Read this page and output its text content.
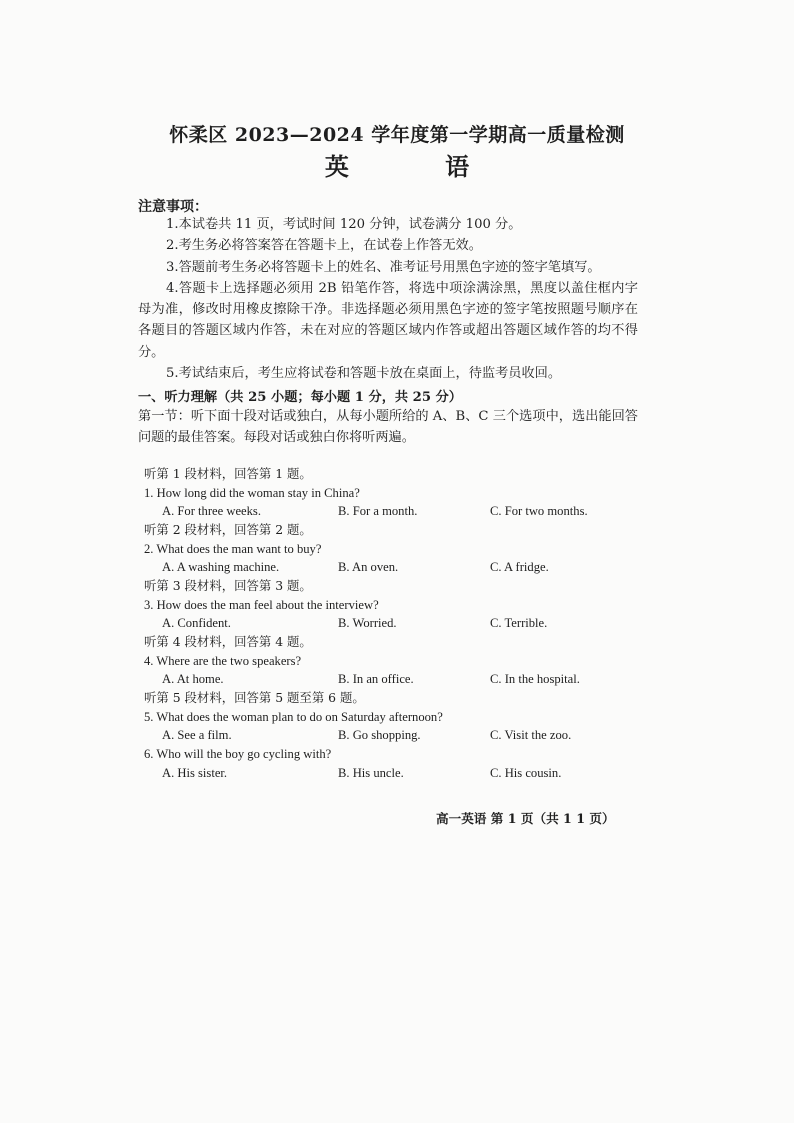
怀柔区 2023—2024 学年度第一学期高一质量检测
英 语
注意事项：

1.本试卷共 11 页，考试时间 120 分钟，试卷满分 100 分。

2.考生务必将答案答在答题卡上，在试卷上作答无效。

3.答题前考生务必将答题卡上的姓名、准考证号用黑色字迹的签字笔填写。

4.答题卡上选择题必须用 2B 铅笔作答，将选中项涂满涂黑，黑度以盖住框内字母为准，修改时用橡皮擦除干净。非选择题必须用黑色字迹的签字笔按照题号顺序在各题目的答题区域内作答，未在对应的答题区域内作答或超出答题区域作答的均不得分。

5.考试结束后，考生应将试卷和答题卡放在桌面上，待监考员收回。

一、听力理解（共 25 小题；每小题 1 分，共 25 分）
第一节：听下面十段对话或独白，从每小题所给的 A、B、C 三个选项中，选出能回答问题的最佳答案。每段对话或独白你将听两遍。
听第 1 段材料，回答第 1 题。
1. How long did the woman stay in China?
A. For three weeks.	B. For a month.	C. For two months.
听第 2 段材料，回答第 2 题。
2. What does the man want to buy?
A. A washing machine.	B. An oven.	C. A fridge.
听第 3 段材料，回答第 3 题。
3. How does the man feel about the interview?
A. Confident.	B. Worried.	C. Terrible.
听第 4 段材料，回答第 4 题。
4. Where are the two speakers?
A. At home.	B. In an office.	C. In the hospital.
听第 5 段材料，回答第 5 题至第 6 题。
5. What does the woman plan to do on Saturday afternoon?
A. See a film.	B. Go shopping.	C. Visit the zoo.
6. Who will the boy go cycling with?
A. His sister.	B. His uncle.	C. His cousin.
高一英语 第 1 页（共 1 1 页）
